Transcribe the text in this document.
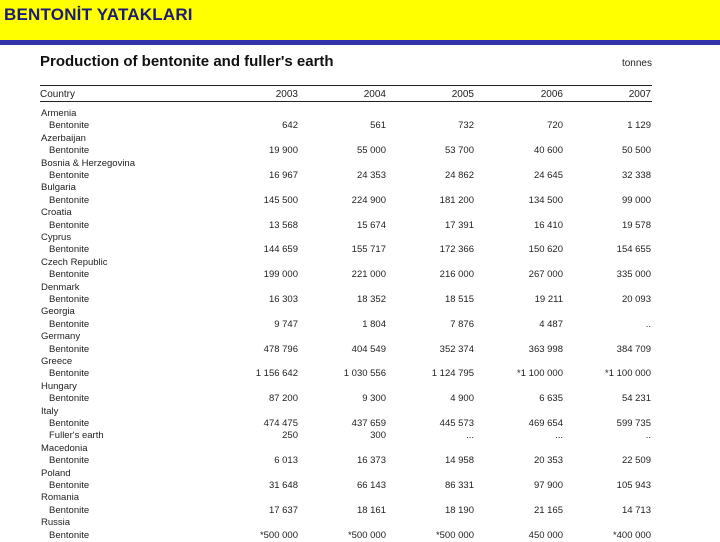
BENTONİT YATAKLARI
Production of bentonite and fuller's earth	tonnes
Country	2003	2004	2005	2006	2007
Armenia
Bentonite	642	561	732	720	1 129
Azerbaijan
Bentonite	19 900	55 000	53 700	40 600	50 500
Bosnia & Herzegovina
Bentonite	16 967	24 353	24 862	24 645	32 338
Bulgaria
Bentonite	145 500	224 900	181 200	134 500	99 000
Croatia
Bentonite	13 568	15 674	17 391	16 410	19 578
Cyprus
Bentonite	144 659	155 717	172 366	150 620	154 655
Czech Republic
Bentonite	199 000	221 000	216 000	267 000	335 000
Denmark
Bentonite	16 303	18 352	18 515	19 211	20 093
Georgia
Bentonite	9 747	1 804	7 876	4 487	..
Germany
Bentonite	478 796	404 549	352 374	363 998	384 709
Greece
Bentonite	1 156 642	1 030 556	1 124 795	*1 100 000	*1 100 000
Hungary
Bentonite	87 200	9 300	4 900	6 635	54 231
Italy
Bentonite	474 475	437 659	445 573	469 654	599 735
Fuller's earth	250	300	...	...	..
Macedonia
Bentonite	6 013	16 373	14 958	20 353	22 509
Poland
Bentonite	31 648	66 143	86 331	97 900	105 943
Romania
Bentonite	17 637	18 161	18 190	21 165	14 713
Russia
Bentonite	*500 000	*500 000	*500 000	450 000	*400 000
